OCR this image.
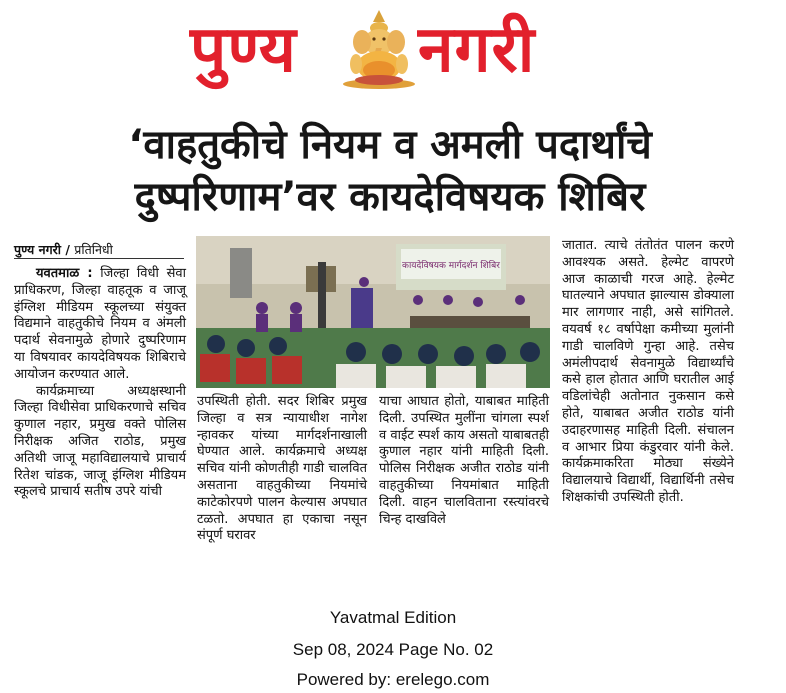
पुण्य नगरी
‘वाहतुकीचे नियम व अमली पदार्थांचे
दुष्परिणाम’वर कायदेविषयक शिबिर
पुण्य नगरी / प्रतिनिधी

यवतमाळ : जिल्हा विधी सेवा प्राधिकरण, जिल्हा वाहतूक व जाजू इंग्लिश मीडियम स्कूलच्या संयुक्त विद्यमाने वाहतुकीचे नियम व अंमली पदार्थ सेवनामुळे होणारे दुष्परिणाम या विषयावर कायदेविषयक शिबिराचे आयोजन करण्यात आले.

कार्यक्रमाच्या अध्यक्षस्थानी जिल्हा विधीसेवा प्राधिकरणाचे सचिव कुणाल नहार, प्रमुख वक्ते पोलिस निरीक्षक अजित राठोड, प्रमुख अतिथी जाजू महाविद्यालयाचे प्राचार्य रितेश चांडक, जाजू इंग्लिश मीडियम स्कूलचे प्राचार्य सतीष उपरे यांची

कायदेविषयक मार्गदर्शन शिबिर

उपस्थिती होती. सदर शिबिर प्रमुख जिल्हा व सत्र न्यायाधीश नागेश न्हावकर यांच्या मार्गदर्शनाखाली घेण्यात आले. कार्यक्रमाचे अध्यक्ष सचिव यांनी कोणतीही गाडी चालवित असताना वाहतुकीच्या नियमांचे काटेकोरपणे पालन केल्यास अपघात टळतो. अपघात हा एकाचा नसून संपूर्ण घरावर

याचा आघात होतो, याबाबत माहिती दिली. उपस्थित मुलींना चांगला स्पर्श व वाईट स्पर्श काय असतो याबाबतही कुणाल नहार यांनी माहिती दिली. पोलिस निरीक्षक अजीत राठोड यांनी वाहतुकीच्या नियमांबात माहिती दिली. वाहन चालविताना रस्त्यांवरचे चिन्ह दाखविले

जातात. त्याचे तंतोतंत पालन करणे आवश्यक असते. हेल्मेट वापरणे आज काळाची गरज आहे. हेल्मेट घातल्याने अपघात झाल्यास डोक्याला मार लागणार नाही, असे सांगितले. वयवर्ष १८ वर्षापेक्षा कमीच्या मुलांनी गाडी चालविणे गुन्हा आहे. तसेच अमंलीपदार्थ सेवनामुळे विद्यार्थ्यांचे कसे हाल होतात आणि घरातील आई वडिलांचेही अतोनात नुकसान कसे होते, याबाबत अजीत राठोड यांनी उदाहरणासह माहिती दिली. संचालन व आभार प्रिया कंडुरवार यांनी केले. कार्यक्रमाकरिता मोठ्या संख्येने विद्यालयाचे विद्यार्थी, विद्यार्थिनी तसेच शिक्षकांची उपस्थिती होती.

Yavatmal Edition
Sep 08, 2024 Page No. 02
Powered by: erelego.com
